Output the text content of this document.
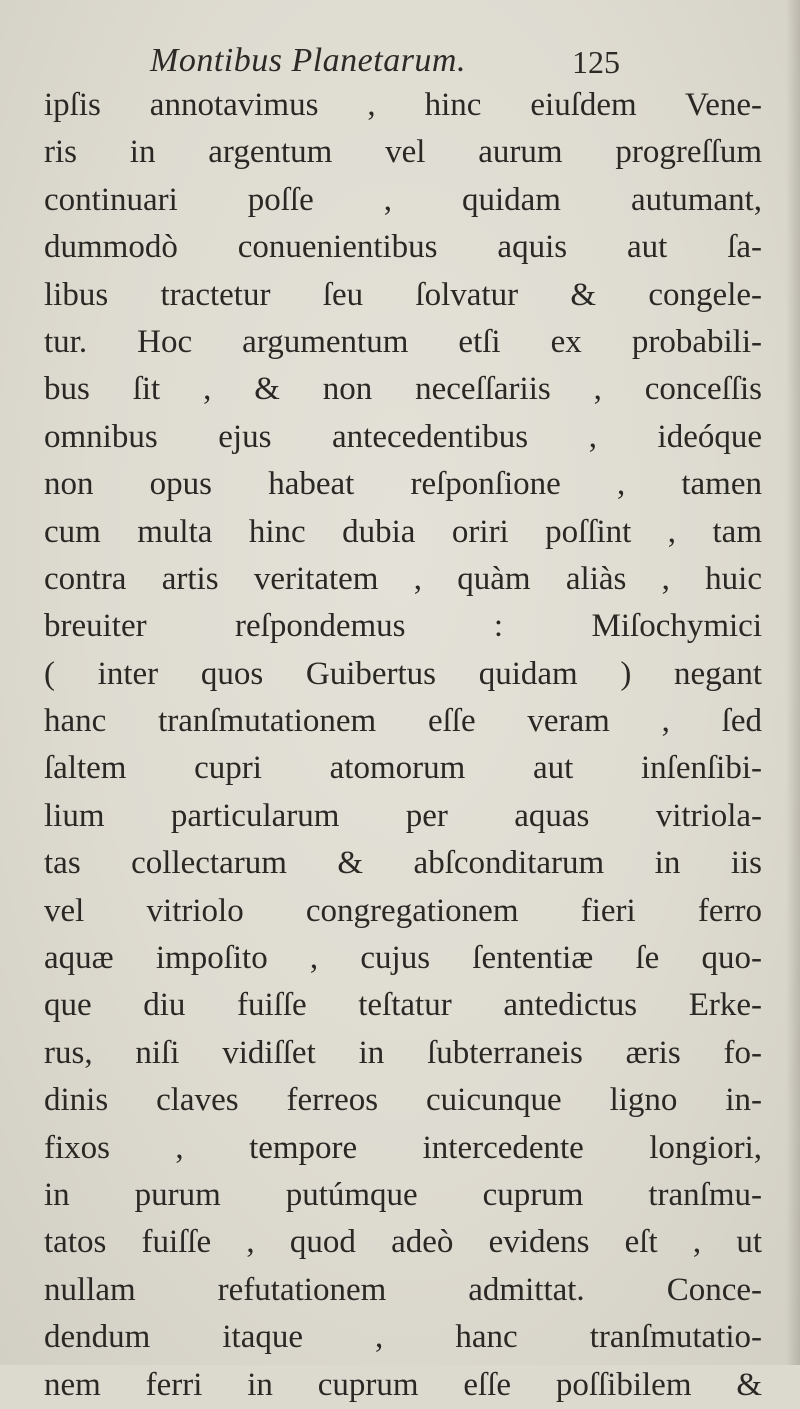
Montibus Planetarum.	125
ipſis annotavimus , hinc eiuſdem Vene-
ris in argentum vel aurum progreſſum
continuari poſſe , quidam autumant,
dummodò conuenientibus aquis aut ſa-
libus tractetur ſeu ſolvatur & congele-
tur. Hoc argumentum etſi ex probabili-
bus ſit , & non neceſſariis , conceſſis
omnibus ejus antecedentibus , ideóque
non opus habeat reſponſione , tamen
cum multa hinc dubia oriri poſſint , tam
contra artis veritatem , quàm aliàs , huic
breuiter reſpondemus : Miſochymici
( inter quos Guibertus quidam ) negant
hanc tranſmutationem eſſe veram , ſed
ſaltem cupri atomorum aut inſenſibi-
lium particularum per aquas vitriola-
tas collectarum & abſconditarum in iis
vel vitriolo congregationem fieri ferro
aquæ impoſito , cujus ſententiæ ſe quo-
que diu fuiſſe teſtatur antedictus Erke-
rus, niſi vidiſſet in ſubterraneis æris fo-
dinis claves ferreos cuicunque ligno in-
fixos , tempore intercedente longiori,
in purum putúmque cuprum tranſmu-
tatos fuiſſe , quod adeò evidens eſt , ut
nullam refutationem admittat. Conce-
dendum itaque , hanc tranſmutatio-
nem ferri in cuprum eſſe poſſibilem &
